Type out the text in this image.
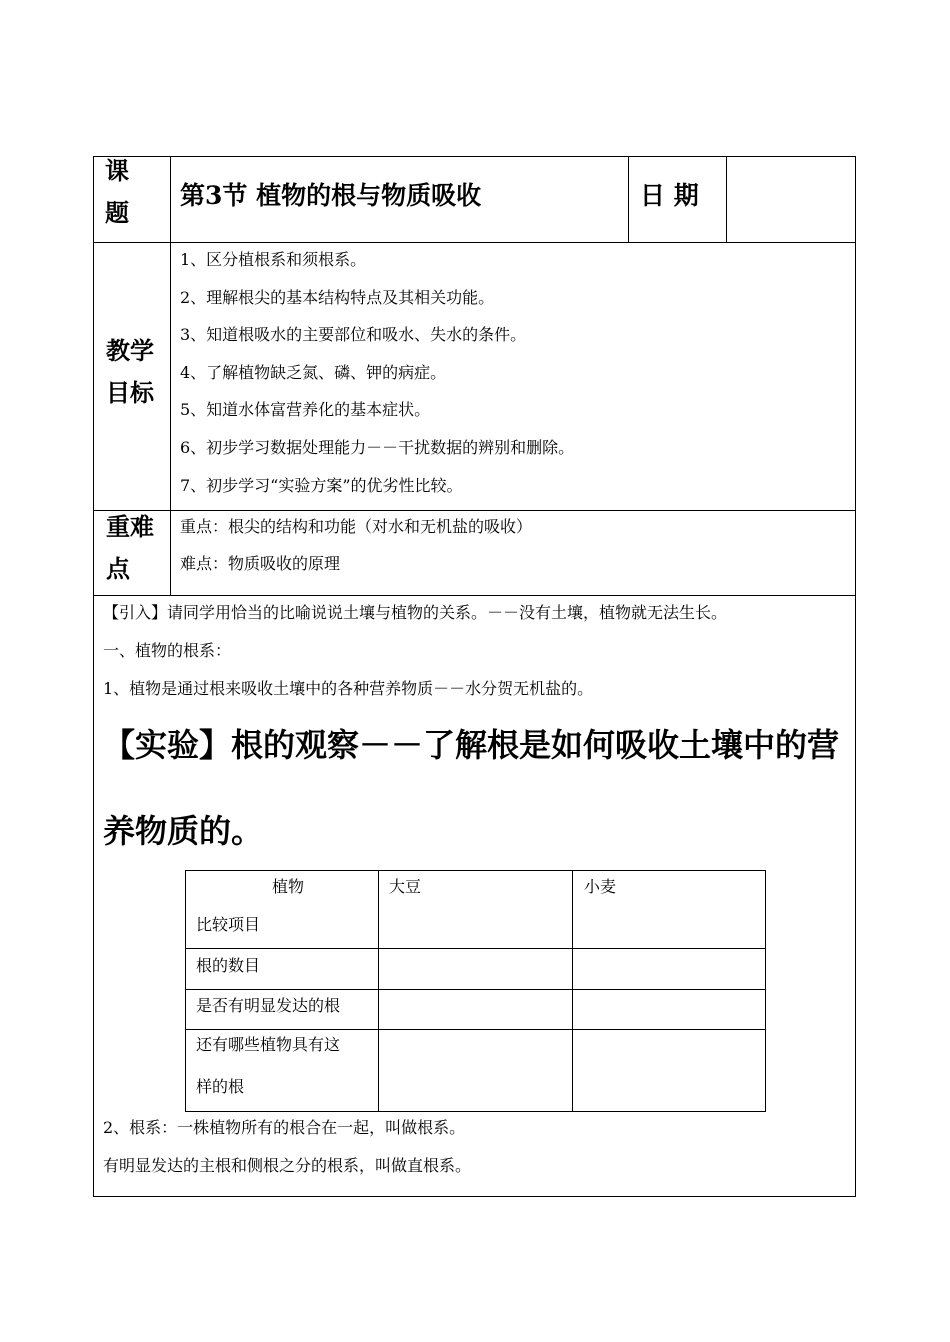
课
题
第3节 植物的根与物质吸收	日 期
教学
目标
1、区分植根系和须根系。
2、理解根尖的基本结构特点及其相关功能。
3、知道根吸水的主要部位和吸水、失水的条件。
4、了解植物缺乏氮、磷、钾的病症。
5、知道水体富营养化的基本症状。
6、初步学习数据处理能力－－干扰数据的辨别和删除。
7、初步学习“实验方案”的优劣性比较。
重难
点
重点：根尖的结构和功能（对水和无机盐的吸收）
难点：物质吸收的原理
【引入】请同学用恰当的比喻说说土壤与植物的关系。－－没有土壤，植物就无法生长。
一、植物的根系：
1、植物是通过根来吸收土壤中的各种营养物质－－水分贺无机盐的。
【实验】根的观察－－了解根是如何吸收土壤中的营
养物质的。
植物
比较项目
大豆	小麦
根的数目
是否有明显发达的根
还有哪些植物具有这
样的根
2、根系：一株植物所有的根合在一起，叫做根系。
有明显发达的主根和侧根之分的根系，叫做直根系。
